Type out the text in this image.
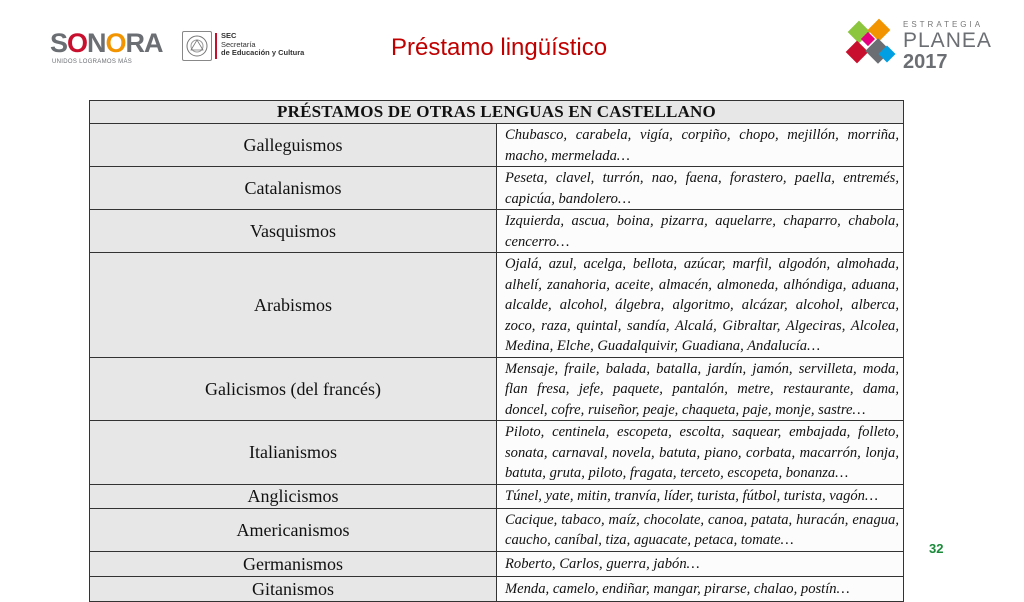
SONORA
UNIDOS LOGRAMOS MÁS
SEC
Secretaría
de Educación y Cultura	Préstamo lingüístico
ESTRATEGIA
PLANEA
2017
PRÉSTAMOS DE OTRAS LENGUAS EN CASTELLANO	
Galleguismos	Chubasco, carabela, vigía, corpiño, chopo, mejillón, morriña, macho, mermelada…
Catalanismos	Peseta, clavel, turrón, nao, faena, forastero, paella, entremés, capicúa, bandolero…
Vasquismos	Izquierda, ascua, boina, pizarra, aquelarre, chaparro, chabola, cencerro…
Arabismos	Ojalá, azul, acelga, bellota, azúcar, marfil, algodón, almohada, alhelí, zanahoria, aceite, almacén, almoneda, alhóndiga, aduana, alcalde, alcohol, álgebra, algoritmo, alcázar, alcohol, alberca, zoco, raza, quintal, sandía, Alcalá, Gibraltar, Algeciras, Alcolea, Medina, Elche, Guadalquivir, Guadiana, Andalucía…
Galicismos (del francés)	Mensaje, fraile, balada, batalla, jardín, jamón, servilleta, moda, flan fresa, jefe, paquete, pantalón, metre, restaurante, dama, doncel, cofre, ruiseñor, peaje, chaqueta, paje, monje, sastre…
Italianismos	Piloto, centinela, escopeta, escolta, saquear, embajada, folleto, sonata, carnaval, novela, batuta, piano, corbata, macarrón, lonja, batuta, gruta, piloto, fragata, terceto, escopeta, bonanza…
Anglicismos	Túnel, yate, mitin, tranvía, líder, turista, fútbol, turista, vagón…
Americanismos	Cacique, tabaco, maíz, chocolate, canoa, patata, huracán, enagua, caucho, caníbal, tiza, aguacate, petaca, tomate…
Germanismos	Roberto, Carlos, guerra, jabón…
Gitanismos	Menda, camelo, endiñar, mangar, pirarse, chalao, postín…
32
